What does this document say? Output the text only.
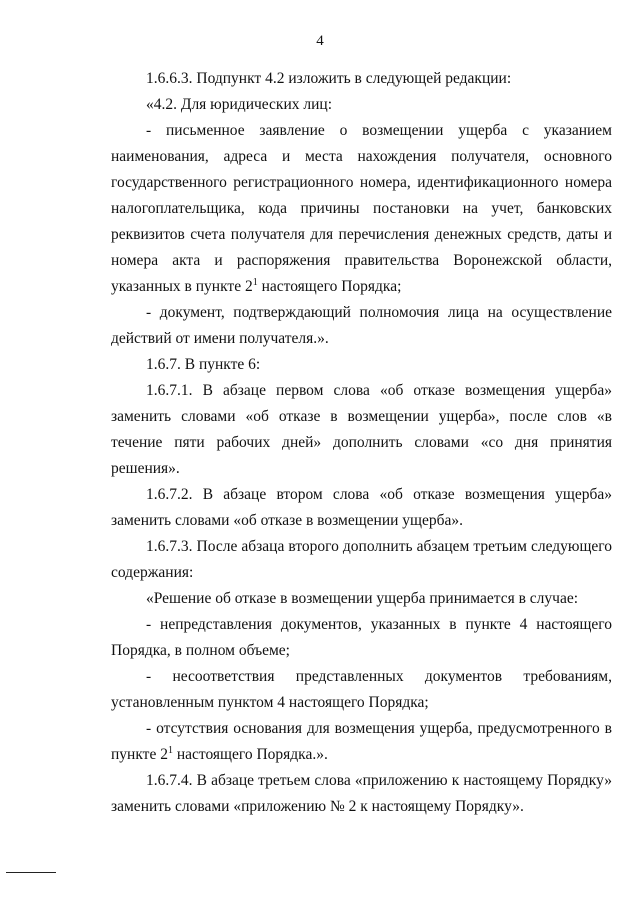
4

1.6.6.3. Подпункт 4.2 изложить в следующей редакции:

«4.2. Для юридических лиц:

- письменное заявление о возмещении ущерба с указанием наименования, адреса и места нахождения получателя, основного государственного регистрационного номера, идентификационного номера налогоплательщика, кода причины постановки на учет, банковских реквизитов счета получателя для перечисления денежных средств, даты и номера акта и распоряжения правительства Воронежской области, указанных в пункте $2^1$ настоящего Порядка;

- документ, подтверждающий полномочия лица на осуществление действий от имени получателя.».

1.6.7. В пункте 6:

1.6.7.1. В абзаце первом слова «об отказе возмещения ущерба» заменить словами «об отказе в возмещении ущерба», после слов «в течение пяти рабочих дней» дополнить словами «со дня принятия решения».

1.6.7.2. В абзаце втором слова «об отказе возмещения ущерба» заменить словами «об отказе в возмещении ущерба».

1.6.7.3. После абзаца второго дополнить абзацем третьим следующего содержания:

«Решение об отказе в возмещении ущерба принимается в случае:

- непредставления документов, указанных в пункте 4 настоящего Порядка, в полном объеме;

- несоответствия представленных документов требованиям, установленным пунктом 4 настоящего Порядка;

- отсутствия основания для возмещения ущерба, предусмотренного в пункте $2^1$ настоящего Порядка.».

1.6.7.4. В абзаце третьем слова «приложению к настоящему Порядку» заменить словами «приложению № 2 к настоящему Порядку».
